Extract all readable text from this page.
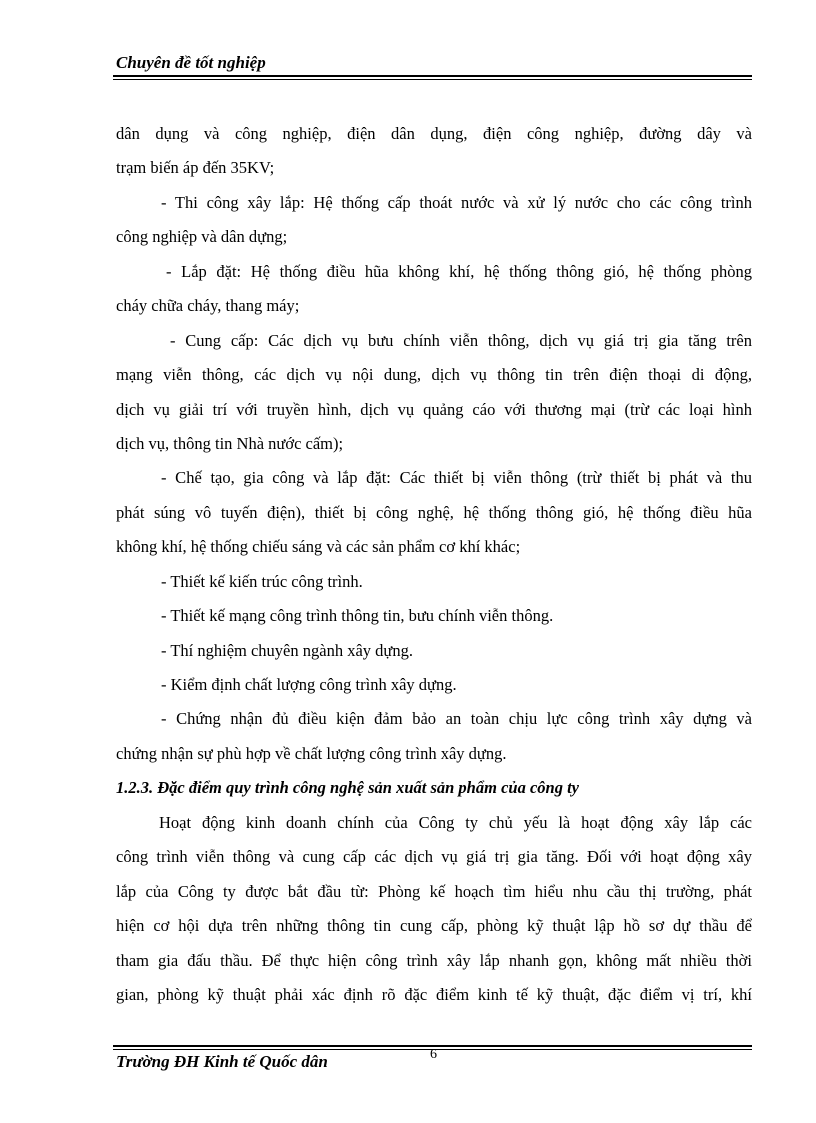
Chuyên đề tốt nghiệp
dân dụng và công nghiệp, điện dân dụng, điện công nghiệp, đường dây và
trạm biến áp đến 35KV;
- Thi công xây lắp: Hệ thống cấp thoát nước và xử lý nước cho các công trình
công nghiệp và dân dựng;
- Lắp đặt: Hệ thống điều hũa không khí, hệ thống thông gió, hệ thống phòng
cháy chữa cháy, thang máy;
- Cung cấp: Các dịch vụ bưu chính viễn thông, dịch vụ giá trị gia tăng trên
mạng viễn thông, các dịch vụ nội dung, dịch vụ thông tin trên điện thoại di động,
dịch vụ giải trí với truyền hình, dịch vụ quảng cáo với thương mại (trừ các loại hình
dịch vụ, thông tin Nhà nước cấm);
- Chế tạo, gia công và lắp đặt: Các thiết bị viễn thông (trừ thiết bị phát và thu
phát súng vô tuyến điện), thiết bị công nghệ, hệ thống thông gió, hệ thống điều hũa
không khí, hệ thống chiếu sáng và các sản phẩm cơ khí khác;
- Thiết kế kiến trúc công trình.
- Thiết kế mạng công trình thông tin, bưu chính viễn thông.
- Thí nghiệm chuyên ngành xây dựng.
- Kiểm định chất lượng công trình xây dựng.
- Chứng nhận đủ điều kiện đảm bảo an toàn chịu lực công trình xây dựng và
chứng nhận sự phù hợp về chất lượng công trình xây dựng.
Hoạt động kinh doanh chính của Công ty chủ yếu là hoạt động xây lắp các
công trình viễn thông và cung cấp các dịch vụ giá trị gia tăng. Đối với hoạt động xây
lắp của Công ty được bắt đầu từ: Phòng kế hoạch tìm hiểu nhu cầu thị trường, phát
hiện cơ hội dựa trên những thông tin cung cấp, phòng kỹ thuật lập hồ sơ dự thầu để
tham gia đấu thầu. Để thực hiện công trình xây lắp nhanh gọn, không mất nhiều thời
gian, phòng kỹ thuật phải xác định rõ đặc điểm kinh tế kỹ thuật, đặc điểm vị trí, khí
1.2.3. Đặc điểm quy trình công nghệ sản xuất sản phẩm của công ty
Trường ĐH Kinh tế Quốc dân	6
